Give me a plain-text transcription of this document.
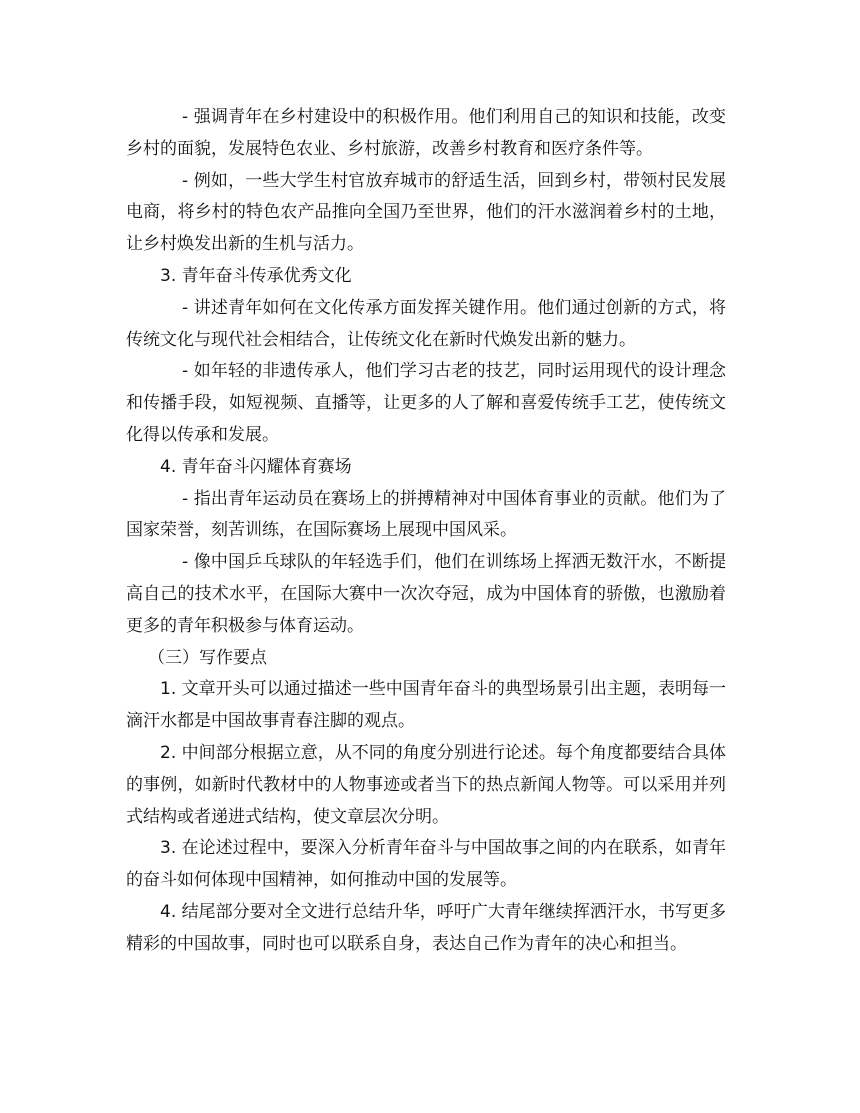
- 强调青年在乡村建设中的积极作用。他们利用自己的知识和技能，改变乡村的面貌，发展特色农业、乡村旅游，改善乡村教育和医疗条件等。

- 例如，一些大学生村官放弃城市的舒适生活，回到乡村，带领村民发展电商，将乡村的特色农产品推向全国乃至世界，他们的汗水滋润着乡村的土地，让乡村焕发出新的生机与活力。

3. 青年奋斗传承优秀文化

- 讲述青年如何在文化传承方面发挥关键作用。他们通过创新的方式，将传统文化与现代社会相结合，让传统文化在新时代焕发出新的魅力。

- 如年轻的非遗传承人，他们学习古老的技艺，同时运用现代的设计理念和传播手段，如短视频、直播等，让更多的人了解和喜爱传统手工艺，使传统文化得以传承和发展。

4. 青年奋斗闪耀体育赛场

- 指出青年运动员在赛场上的拼搏精神对中国体育事业的贡献。他们为了国家荣誉，刻苦训练，在国际赛场上展现中国风采。

- 像中国乒乓球队的年轻选手们，他们在训练场上挥洒无数汗水，不断提高自己的技术水平，在国际大赛中一次次夺冠，成为中国体育的骄傲，也激励着更多的青年积极参与体育运动。

（三）写作要点

1. 文章开头可以通过描述一些中国青年奋斗的典型场景引出主题，表明每一滴汗水都是中国故事青春注脚的观点。

2. 中间部分根据立意，从不同的角度分别进行论述。每个角度都要结合具体的事例，如新时代教材中的人物事迹或者当下的热点新闻人物等。可以采用并列式结构或者递进式结构，使文章层次分明。

3. 在论述过程中，要深入分析青年奋斗与中国故事之间的内在联系，如青年的奋斗如何体现中国精神，如何推动中国的发展等。

4. 结尾部分要对全文进行总结升华，呼吁广大青年继续挥洒汗水，书写更多精彩的中国故事，同时也可以联系自身，表达自己作为青年的决心和担当。
